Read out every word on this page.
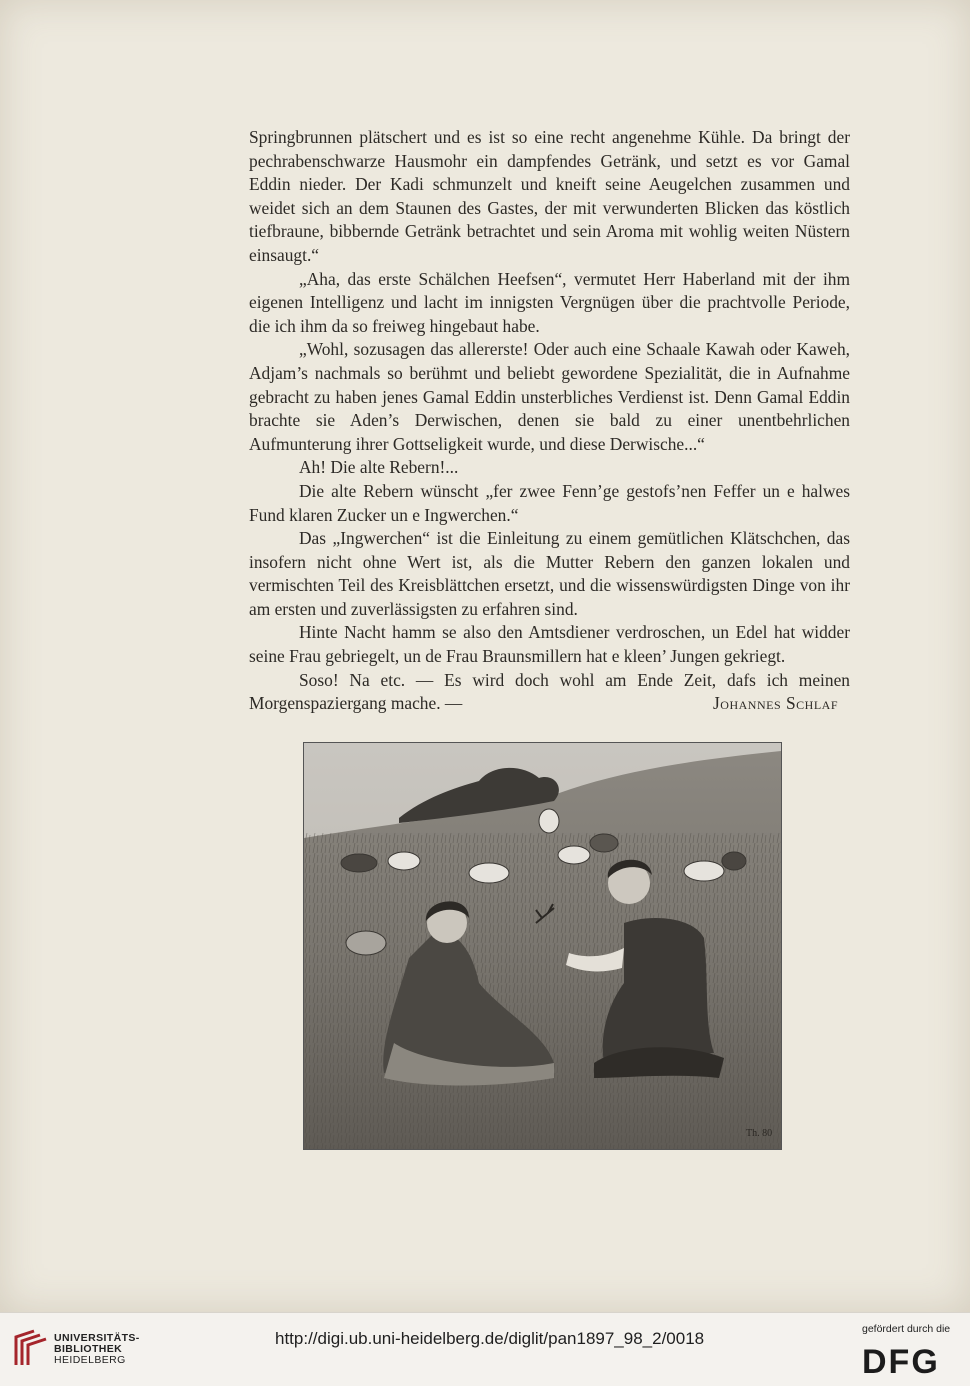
Springbrunnen plätschert und es ist so eine recht angenehme Kühle. Da bringt der pechrabenschwarze Hausmohr ein dampfendes Getränk, und setzt es vor Gamal Eddin nieder. Der Kadi schmunzelt und kneift seine Aeugelchen zusammen und weidet sich an dem Staunen des Gastes, der mit verwunderten Blicken das köstlich tiefbraune, bibbernde Getränk betrachtet und sein Aroma mit wohlig weiten Nüstern einsaugt.“

„Aha, das erste Schälchen Heefsen“, vermutet Herr Haberland mit der ihm eigenen Intelligenz und lacht im innigsten Vergnügen über die prachtvolle Periode, die ich ihm da so freiweg hingebaut habe.

„Wohl, sozusagen das allererste! Oder auch eine Schaale Kawah oder Kaweh, Adjam’s nachmals so berühmt und beliebt gewordene Spezialität, die in Aufnahme gebracht zu haben jenes Gamal Eddin unsterbliches Verdienst ist. Denn Gamal Eddin brachte sie Aden’s Derwischen, denen sie bald zu einer unentbehrlichen Aufmunterung ihrer Gottseligkeit wurde, und diese Derwische...“

Ah! Die alte Rebern!...

Die alte Rebern wünscht „fer zwee Fenn’ge gestofs’nen Feffer un e halwes Fund klaren Zucker un e Ingwerchen.“

Das „Ingwerchen“ ist die Einleitung zu einem gemütlichen Klätschchen, das insofern nicht ohne Wert ist, als die Mutter Rebern den ganzen lokalen und vermischten Teil des Kreisblättchen ersetzt, und die wissenswürdigsten Dinge von ihr am ersten und zuverlässigsten zu erfahren sind.

Hinte Nacht hamm se also den Amtsdiener verdroschen, un Edel hat widder seine Frau gebriegelt, un de Frau Braunsmillern hat e kleen’ Jungen gekriegt.

Soso! Na etc. — Es wird doch wohl am Ende Zeit, dafs ich meinen

Morgenspaziergang mache. —	Johannes Schlaf

Th. 80
UNIVERSITÄTS-
BIBLIOTHEK
HEIDELBERG
http://digi.ub.uni-heidelberg.de/diglit/pan1897_98_2/0018	gefördert durch die
DFG
